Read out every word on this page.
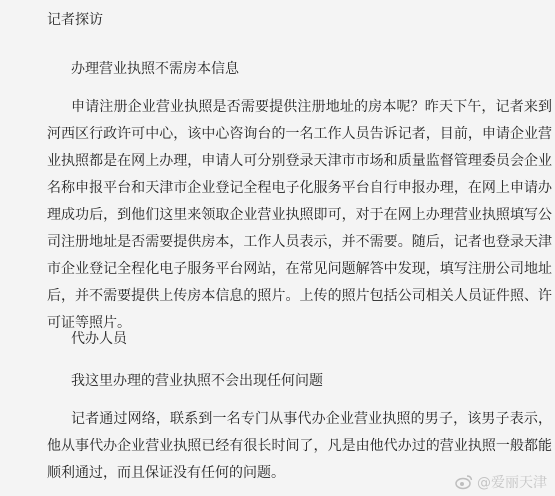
记者探访
办理营业执照不需房本信息

申请注册企业营业执照是否需要提供注册地址的房本呢？昨天下午，记者来到河西区行政许可中心，该中心咨询台的一名工作人员告诉记者，目前，申请企业营业执照都是在网上办理，申请人可分别登录天津市市场和质量监督管理委员会企业名称申报平台和天津市企业登记全程电子化服务平台自行申报办理，在网上申请办理成功后，到他们这里来领取企业营业执照即可，对于在网上办理营业执照填写公司注册地址是否需要提供房本，工作人员表示，并不需要。随后，记者也登录天津市企业登记全程化电子服务平台网站，在常见问题解答中发现，填写注册公司地址后，并不需要提供上传房本信息的照片。上传的照片包括公司相关人员证件照、许可证等照片。

代办人员
我这里办理的营业执照不会出现任何问题

记者通过网络，联系到一名专门从事代办企业营业执照的男子，该男子表示，他从事代办企业营业执照已经有很长时间了，凡是由他代办过的营业执照一般都能顺利通过，而且保证没有任何的问题。

@爱丽天津
